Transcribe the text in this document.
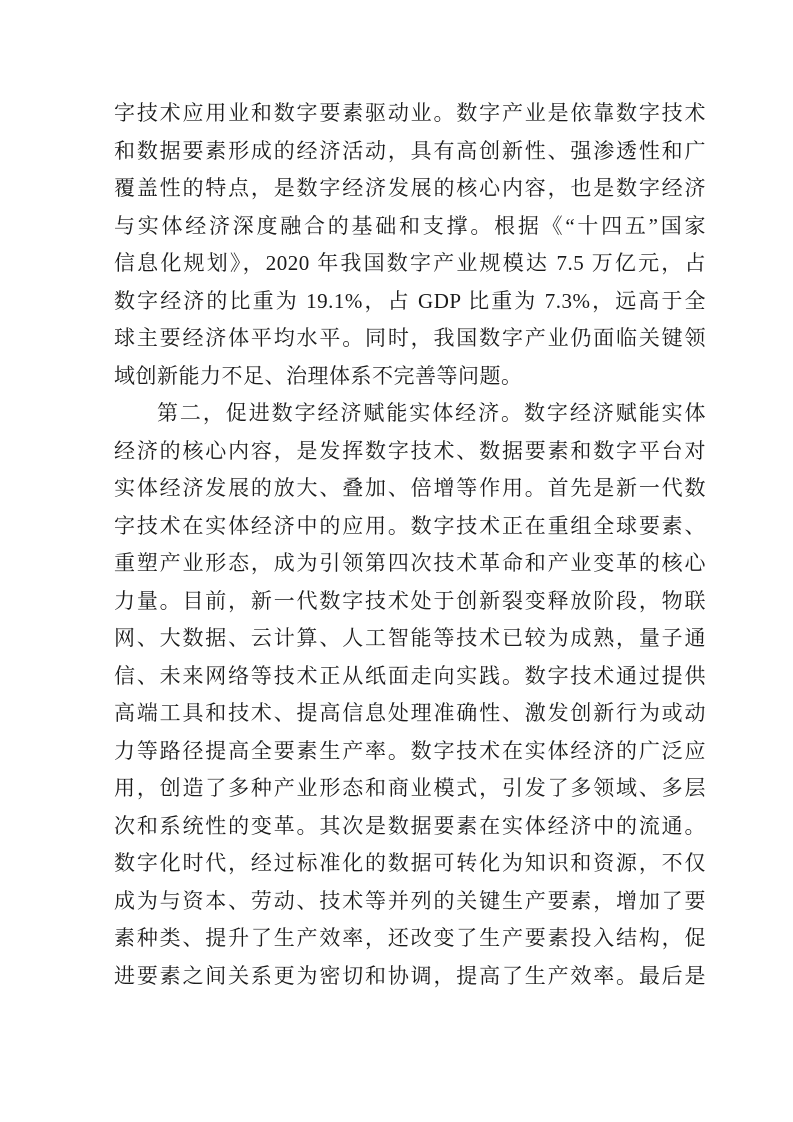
字技术应用业和数字要素驱动业。数字产业是依靠数字技术
和数据要素形成的经济活动，具有高创新性、强渗透性和广
覆盖性的特点，是数字经济发展的核心内容，也是数字经济
与实体经济深度融合的基础和支撑。根据《“十四五”国家
信息化规划》，2020 年我国数字产业规模达 7.5 万亿元，占
数字经济的比重为 19.1%，占 GDP 比重为 7.3%，远高于全
球主要经济体平均水平。同时，我国数字产业仍面临关键领
域创新能力不足、治理体系不完善等问题。
第二，促进数字经济赋能实体经济。数字经济赋能实体
经济的核心内容，是发挥数字技术、数据要素和数字平台对
实体经济发展的放大、叠加、倍增等作用。首先是新一代数
字技术在实体经济中的应用。数字技术正在重组全球要素、
重塑产业形态，成为引领第四次技术革命和产业变革的核心
力量。目前，新一代数字技术处于创新裂变释放阶段，物联
网、大数据、云计算、人工智能等技术已较为成熟，量子通
信、未来网络等技术正从纸面走向实践。数字技术通过提供
高端工具和技术、提高信息处理准确性、激发创新行为或动
力等路径提高全要素生产率。数字技术在实体经济的广泛应
用，创造了多种产业形态和商业模式，引发了多领域、多层
次和系统性的变革。其次是数据要素在实体经济中的流通。
数字化时代，经过标准化的数据可转化为知识和资源，不仅
成为与资本、劳动、技术等并列的关键生产要素，增加了要
素种类、提升了生产效率，还改变了生产要素投入结构，促
进要素之间关系更为密切和协调，提高了生产效率。最后是
